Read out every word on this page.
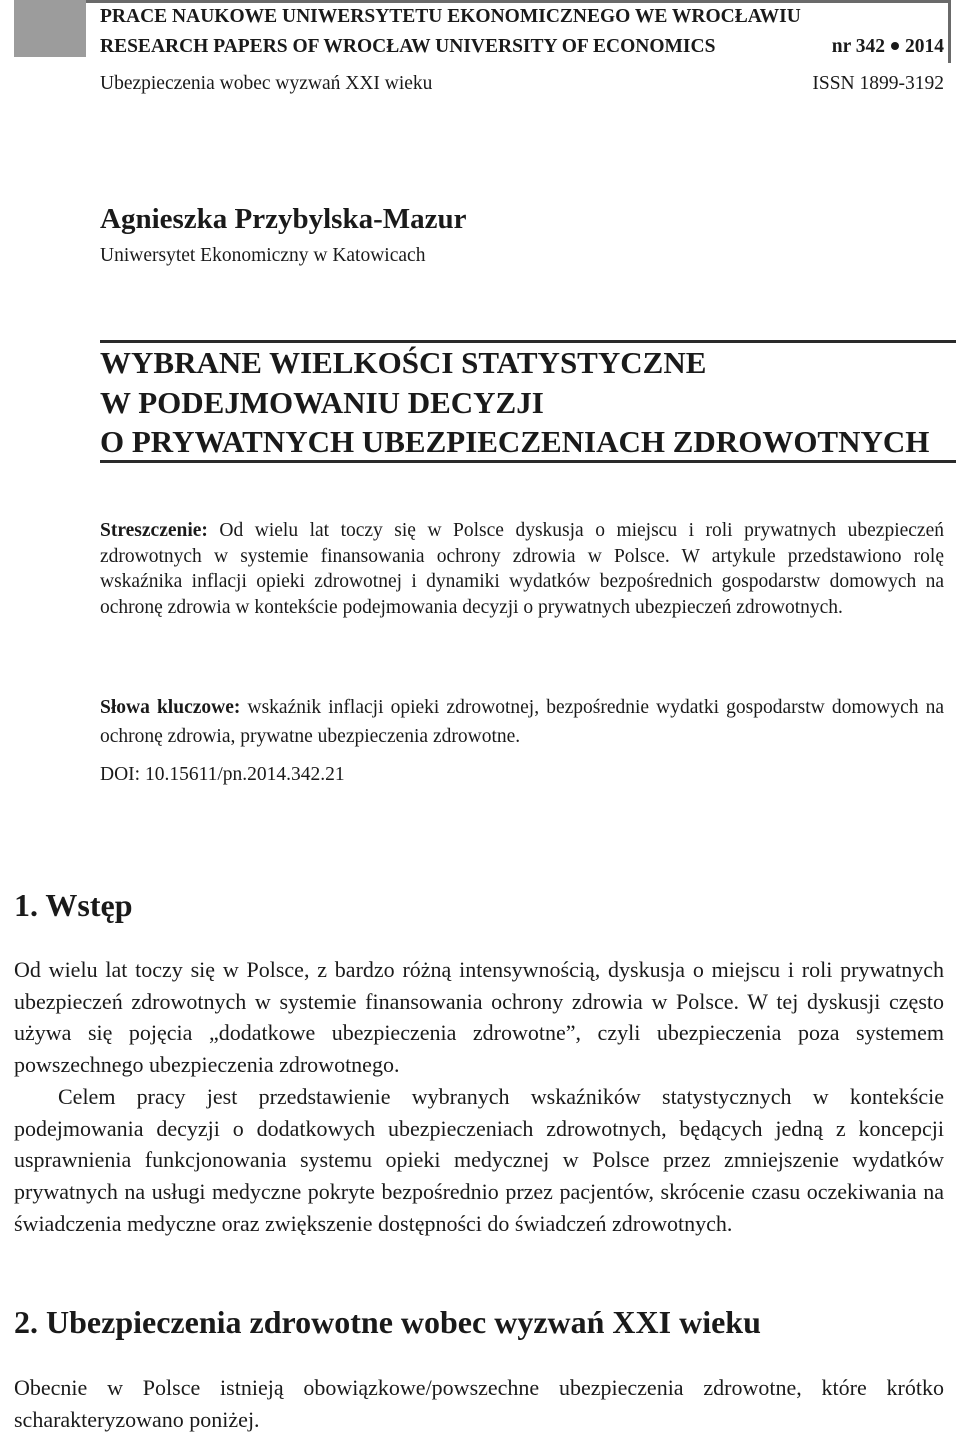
PRACE NAUKOWE UNIWERSYTETU EKONOMICZNEGO WE WROCŁAWIU
RESEARCH PAPERS OF WROCŁAW UNIVERSITY OF ECONOMICS	nr 342 2014
Ubezpieczenia wobec wyzwań XXI wieku	ISSN 1899-3192
Agnieszka Przybylska-Mazur
Uniwersytet Ekonomiczny w Katowicach
WYBRANE WIELKOŚCI STATYSTYCZNE
W PODEJMOWANIU DECYZJI
O PRYWATNYCH UBEZPIECZENIACH ZDROWOTNYCH
Streszczenie: Od wielu lat toczy się w Polsce dyskusja o miejscu i roli prywatnych ubezpieczeń zdrowotnych w systemie finansowania ochrony zdrowia w Polsce. W artykule przedstawiono rolę wskaźnika inflacji opieki zdrowotnej i dynamiki wydatków bezpośrednich gospodarstw domowych na ochronę zdrowia w kontekście podejmowania decyzji o prywatnych ubezpieczeń zdrowotnych.
Słowa kluczowe: wskaźnik inflacji opieki zdrowotnej, bezpośrednie wydatki gospodarstw domowych na ochronę zdrowia, prywatne ubezpieczenia zdrowotne.
DOI: 10.15611/pn.2014.342.21
1. Wstęp
Od wielu lat toczy się w Polsce, z bardzo różną intensywnością, dyskusja o miejscu i roli prywatnych ubezpieczeń zdrowotnych w systemie finansowania ochrony zdrowia w Polsce. W tej dyskusji często używa się pojęcia „dodatkowe ubezpieczenia zdrowotne”, czyli ubezpieczenia poza systemem powszechnego ubezpieczenia zdrowotnego.
Celem pracy jest przedstawienie wybranych wskaźników statystycznych w kontekście podejmowania decyzji o dodatkowych ubezpieczeniach zdrowotnych, będących jedną z koncepcji usprawnienia funkcjonowania systemu opieki medycznej w Polsce przez zmniejszenie wydatków prywatnych na usługi medyczne pokryte bezpośrednio przez pacjentów, skrócenie czasu oczekiwania na świadczenia medyczne oraz zwiększenie dostępności do świadczeń zdrowotnych.
2. Ubezpieczenia zdrowotne wobec wyzwań XXI wieku
Obecnie w Polsce istnieją obowiązkowe/powszechne ubezpieczenia zdrowotne, które krótko scharakteryzowano poniżej.
